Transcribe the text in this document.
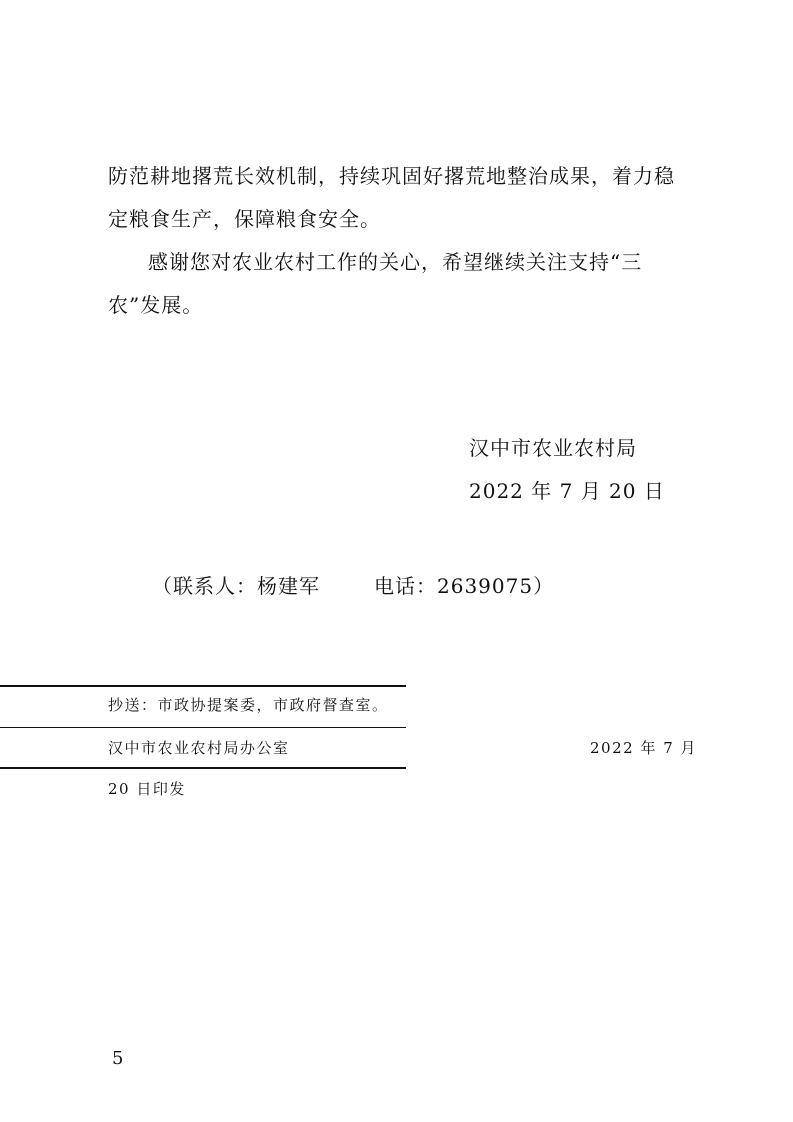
防范耕地撂荒长效机制，持续巩固好撂荒地整治成果，着力稳
定粮食生产，保障粮食安全。
感谢您对农业农村工作的关心，希望继续关注支持“三
农”发展。
汉中市农业农村局
2022 年 7 月 20 日
（联系人：杨建军	电话：2639075）
抄送：市政协提案委，市政府督查室。
汉中市农业农村局办公室	2022 年 7 月
20 日印发
5
